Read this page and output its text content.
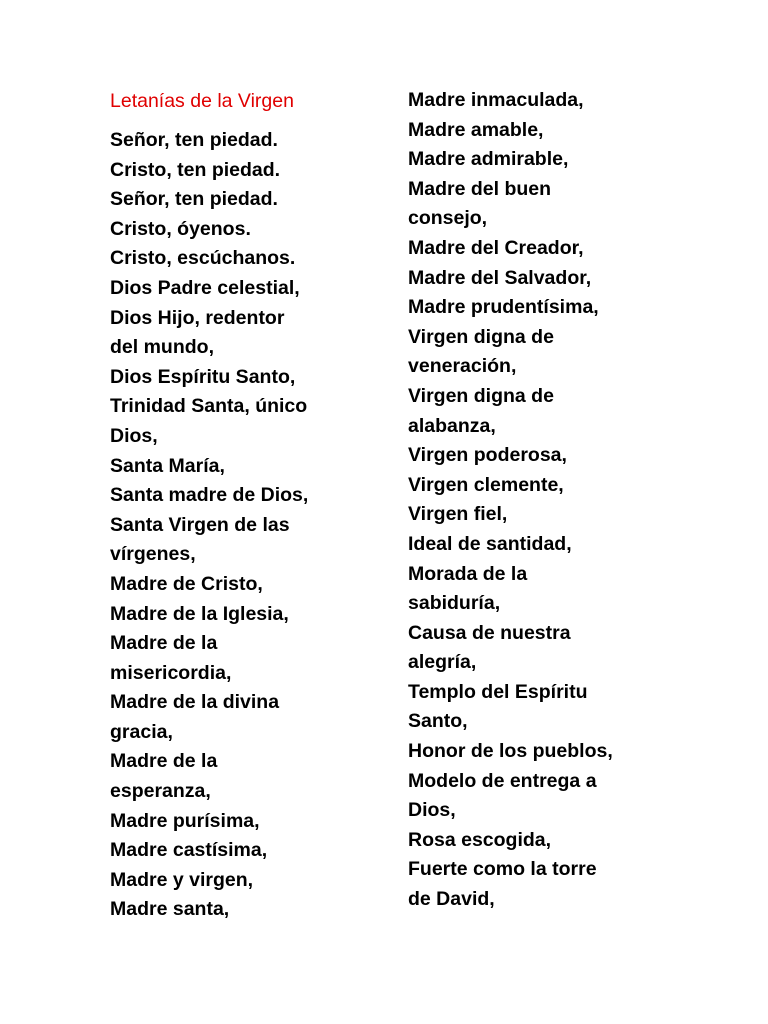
Letanías de la Virgen
Señor, ten piedad.
Cristo, ten piedad.
Señor, ten piedad.
Cristo, óyenos.
Cristo, escúchanos.
Dios Padre celestial,
Dios Hijo, redentor
del mundo,
Dios Espíritu Santo,
Trinidad Santa, único
Dios,
Santa María,
Santa madre de Dios,
Santa Virgen de las
vírgenes,
Madre de Cristo,
Madre de la Iglesia,
Madre de la
misericordia,
Madre de la divina
gracia,
Madre de la
esperanza,
Madre purísima,
Madre castísima,
Madre y virgen,
Madre santa,
Madre inmaculada,
Madre amable,
Madre admirable,
Madre del buen
consejo,
Madre del Creador,
Madre del Salvador,
Madre prudentísima,
Virgen digna de
veneración,
Virgen digna de
alabanza,
Virgen poderosa,
Virgen clemente,
Virgen fiel,
Ideal de santidad,
Morada de la
sabiduría,
Causa de nuestra
alegría,
Templo del Espíritu
Santo,
Honor de los pueblos,
Modelo de entrega a
Dios,
Rosa escogida,
Fuerte como la torre
de David,
